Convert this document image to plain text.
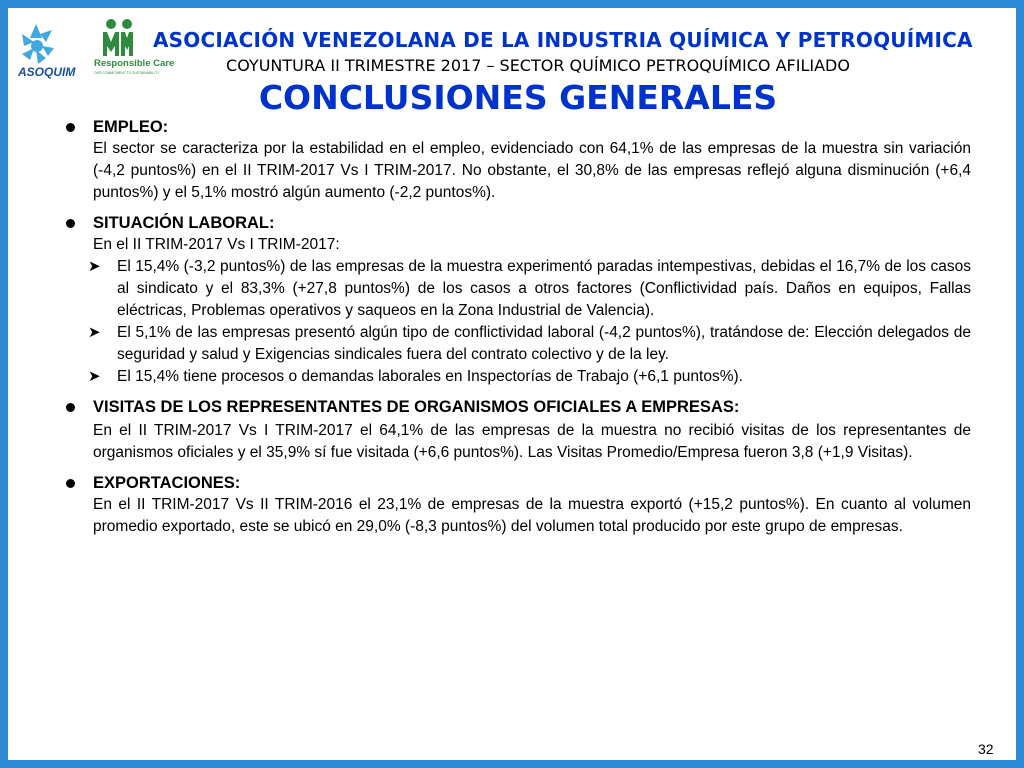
ASOQUIM
Responsible Care
OUR COMMITMENT TO SUSTAINABILITY
ASOCIACIÓN VENEZOLANA DE LA INDUSTRIA QUÍMICA Y PETROQUÍMICA
COYUNTURA II TRIMESTRE 2017 – SECTOR QUÍMICO PETROQUÍMICO AFILIADO
CONCLUSIONES GENERALES
EMPLEO:
El sector se caracteriza por la estabilidad en el empleo, evidenciado con 64,1% de las empresas de la muestra sin variación (-4,2 puntos%) en el II TRIM-2017 Vs I TRIM-2017. No obstante, el 30,8% de las empresas reflejó alguna disminución (+6,4 puntos%) y el 5,1% mostró algún aumento (-2,2 puntos%).
SITUACIÓN LABORAL:
En el II TRIM-2017 Vs I TRIM-2017:
➤ El 15,4% (-3,2 puntos%) de las empresas de la muestra experimentó paradas intempestivas, debidas el 16,7% de los casos al sindicato y el 83,3% (+27,8 puntos%) de los casos a otros factores (Conflictividad país. Daños en equipos, Fallas eléctricas, Problemas operativos y saqueos en la Zona Industrial de Valencia).
➤ El 5,1% de las empresas presentó algún tipo de conflictividad laboral (-4,2 puntos%), tratándose de: Elección delegados de seguridad y salud y Exigencias sindicales fuera del contrato colectivo y de la ley.
➤ El 15,4% tiene procesos o demandas laborales en Inspectorías de Trabajo (+6,1 puntos%).
VISITAS DE LOS REPRESENTANTES DE ORGANISMOS OFICIALES A EMPRESAS:
En el II TRIM-2017 Vs I TRIM-2017 el 64,1% de las empresas de la muestra no recibió visitas de los representantes de organismos oficiales y el 35,9% sí fue visitada (+6,6 puntos%). Las Visitas Promedio/Empresa fueron 3,8 (+1,9 Visitas).
EXPORTACIONES:
En el II TRIM-2017 Vs II TRIM-2016 el 23,1% de empresas de la muestra exportó (+15,2 puntos%). En cuanto al volumen promedio exportado, este se ubicó en 29,0% (-8,3 puntos%) del volumen total producido por este grupo de empresas.
32
